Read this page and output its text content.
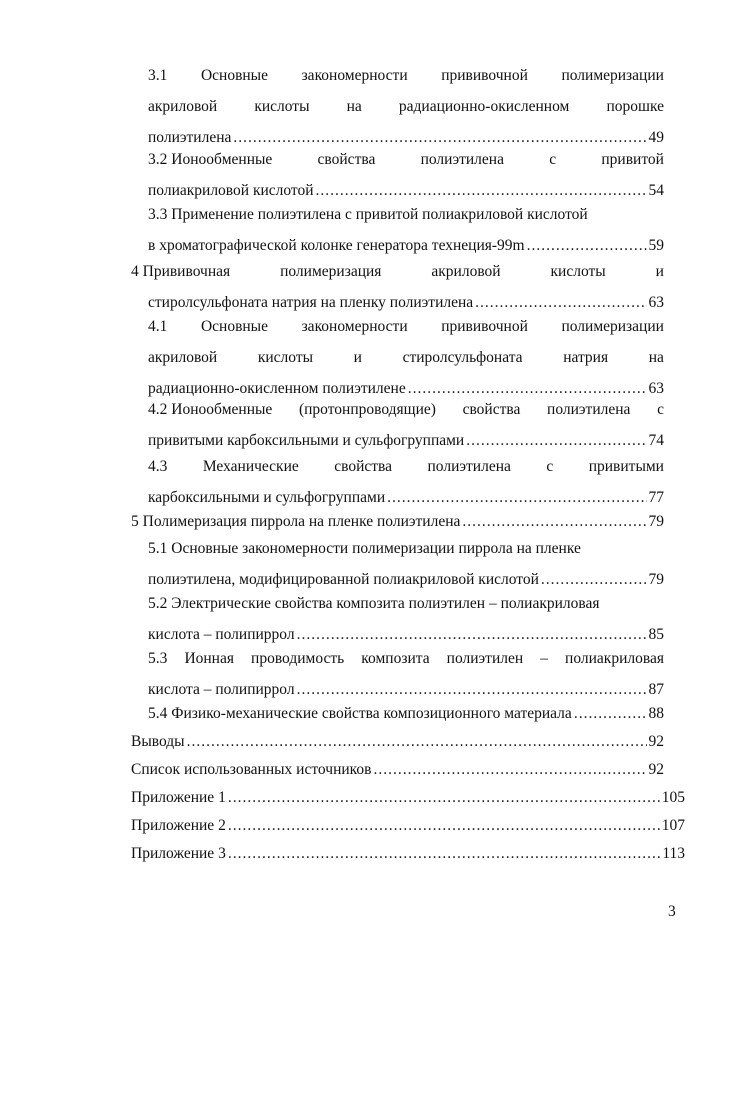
3.1 Основные закономерности прививочной полимеризации
акриловой кислоты на радиационно-окисленном порошке
полиэтилена .....	49
3.2 Ионообменные	свойства	полиэтилена	с	привитой
полиакриловой кислотой .....	54
3.3 Применение полиэтилена с привитой полиакриловой кислотой
в хроматографической колонке генератора технеция-99m .....	59
4 Прививочная	полимеризация	акриловой	кислоты	и
стиролсульфоната натрия на пленку полиэтилена .....	63
4.1 Основные закономерности прививочной полимеризации
акриловой	кислоты	и	стиролсульфоната	натрия	на
радиационно-окисленном полиэтилене .....	63
4.2 Ионообменные (протонпроводящие) свойства полиэтилена с
привитыми карбоксильными и сульфогруппами .....	74
4.3 Механические свойства полиэтилена с привитыми
карбоксильными и сульфогруппами .....	77
5 Полимеризация пиррола на пленке полиэтилена .....	79
5.1 Основные закономерности полимеризации пиррола на пленке
полиэтилена, модифицированной полиакриловой кислотой .....	79
5.2 Электрические свойства композита полиэтилен – полиакриловая
кислота – полипиррол .....	85
5.3 Ионная проводимость композита полиэтилен – полиакриловая
кислота – полипиррол .....	87
5.4 Физико-механические свойства композиционного материала .....	88
Выводы .....	92
Список использованных источников .....	92
Приложение 1 .....	105
Приложение 2 .....	107
Приложение 3 .....	113
3
